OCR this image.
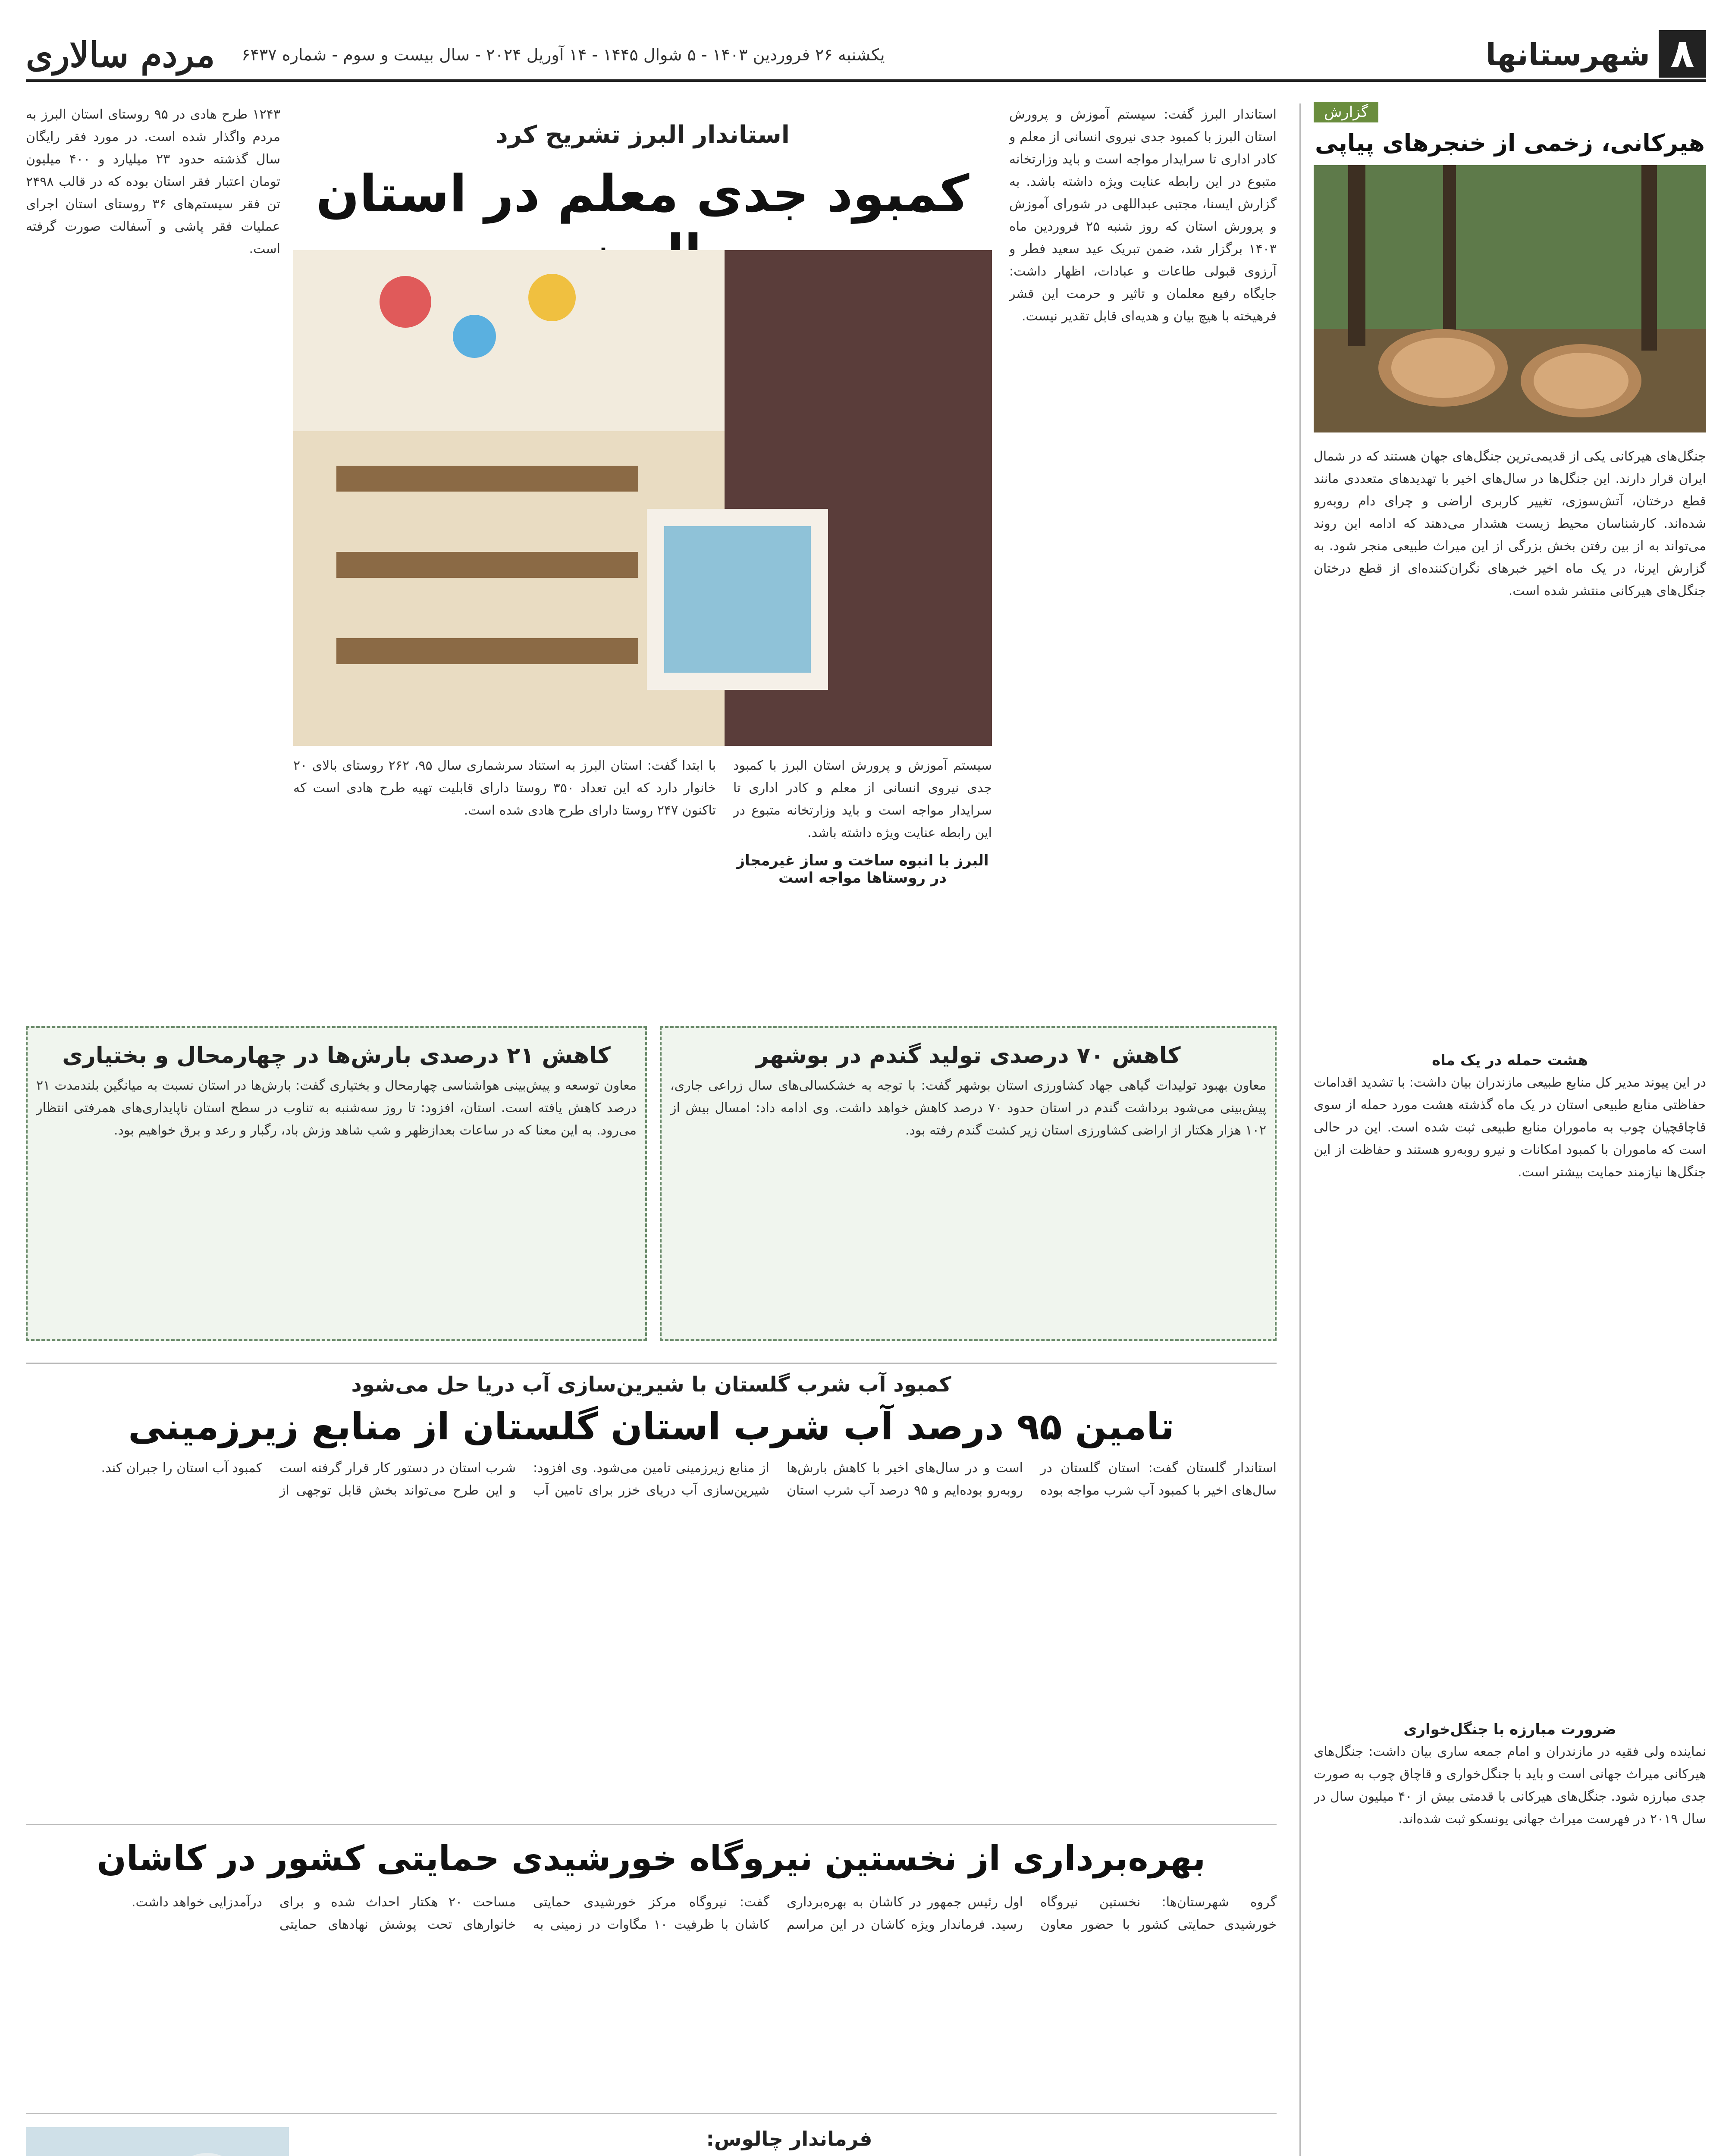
۸
شهرستانها
یکشنبه ۲۶ فروردین ۱۴۰۳ - ۵ شوال ۱۴۴۵ - ۱۴ آوریل ۲۰۲۴ - سال بیست و سوم - شماره ۶۴۳۷
مردم سالاری
گزارش
هیرکانی، زخمی از خنجرهای پیاپی
جنگل‌های هیرکانی یکی از قدیمی‌ترین جنگل‌های جهان هستند که در شمال ایران قرار دارند. این جنگل‌ها در سال‌های اخیر با تهدیدهای متعددی مانند قطع درختان، آتش‌سوزی، تغییر کاربری اراضی و چرای دام روبه‌رو شده‌اند. کارشناسان محیط زیست هشدار می‌دهند که ادامه این روند می‌تواند به از بین رفتن بخش بزرگی از این میراث طبیعی منجر شود. به گزارش ایرنا، در یک ماه اخیر خبرهای نگران‌کننده‌ای از قطع درختان جنگل‌های هیرکانی منتشر شده است.
هشت حمله در یک ماه
در این پیوند مدیر کل منابع طبیعی مازندران بیان داشت: با تشدید اقدامات حفاظتی منابع طبیعی استان در یک ماه گذشته هشت مورد حمله از سوی قاچاقچیان چوب به ماموران منابع طبیعی ثبت شده است. این در حالی است که ماموران با کمبود امکانات و نیرو روبه‌رو هستند و حفاظت از این جنگل‌ها نیازمند حمایت بیشتر است.
ضرورت مبارزه با جنگل‌خواری
نماینده ولی فقیه در مازندران و امام جمعه ساری بیان داشت: جنگل‌های هیرکانی میراث جهانی است و باید با جنگل‌خواری و قاچاق چوب به صورت جدی مبارزه شود. جنگل‌های هیرکانی با قدمتی بیش از ۴۰ میلیون سال در سال ۲۰۱۹ در فهرست میراث جهانی یونسکو ثبت شده‌اند.
استاندار البرز گفت: سیستم آموزش و پرورش استان البرز با کمبود جدی نیروی انسانی از معلم و کادر اداری تا سرایدار مواجه است و باید وزارتخانه متبوع در این رابطه عنایت ویژه داشته باشد. به گزارش ایسنا، مجتبی عبداللهی در شورای آموزش و پرورش استان که روز شنبه ۲۵ فروردین ماه ۱۴۰۳ برگزار شد، ضمن تبریک عید سعید فطر و آرزوی قبولی طاعات و عبادات، اظهار داشت: جایگاه رفیع معلمان و تاثیر و حرمت این قشر فرهیخته با هیچ بیان و هدیه‌ای قابل تقدیر نیست.
استاندار البرز تشریح کرد
کمبود جدی معلم در استان
سیستم آموزش و پرورش استان البرز با کمبود جدی نیروی انسانی از معلم و کادر اداری تا سرایدار مواجه است و باید وزارتخانه متبوع در این رابطه عنایت ویژه داشته باشد.
البرز با انبوه ساخت و ساز غیرمجاز در روستاها مواجه است
با ابتدا گفت: استان البرز به استناد سرشماری سال ۹۵، ۲۶۲ روستای بالای ۲۰ خانوار دارد که این تعداد ۳۵۰ روستا دارای قابلیت تهیه طرح هادی است که تاکنون ۲۴۷ روستا دارای طرح هادی شده است.
۱۲۴۳ طرح هادی در ۹۵ روستای استان البرز به مردم واگذار شده است. در مورد فقر رایگان سال گذشته حدود ۲۳ میلیارد و ۴۰۰ میلیون تومان اعتبار فقر استان بوده که در قالب ۲۴۹۸ تن فقر سیستم‌های ۳۶ روستای استان اجرای عملیات فقر پاشی و آسفالت صورت گرفته است.
کاهش ۷۰ درصدی تولید گندم در بوشهر
معاون بهبود تولیدات گیاهی جهاد کشاورزی استان بوشهر گفت: با توجه به خشکسالی‌های سال زراعی جاری، پیش‌بینی می‌شود برداشت گندم در استان حدود ۷۰ درصد کاهش خواهد داشت. وی ادامه داد: امسال بیش از ۱۰۲ هزار هکتار از اراضی کشاورزی استان زیر کشت گندم رفته بود.
کاهش ۲۱ درصدی بارش‌ها در چهارمحال و بختیاری
معاون توسعه و پیش‌بینی هواشناسی چهارمحال و بختیاری گفت: بارش‌ها در استان نسبت به میانگین بلندمدت ۲۱ درصد کاهش یافته است. استان، افزود: تا روز سه‌شنبه به تناوب در سطح استان ناپایداری‌های همرفتی انتظار می‌رود. به این معنا که در ساعات بعدازظهر و شب شاهد وزش باد، رگبار و رعد و برق خواهیم بود.
کمبود آب شرب گلستان با شیرین‌سازی آب دریا حل می‌شود
تامین ۹۵ درصد آب شرب استان گلستان از منابع زیرزمینی
استاندار گلستان گفت: استان گلستان در سال‌های اخیر با کمبود آب شرب مواجه بوده است و در سال‌های اخیر با کاهش بارش‌ها روبه‌رو بوده‌ایم و ۹۵ درصد آب شرب استان از منابع زیرزمینی تامین می‌شود. وی افزود: شیرین‌سازی آب دریای خزر برای تامین آب شرب استان در دستور کار قرار گرفته است و این طرح می‌تواند بخش قابل توجهی از کمبود آب استان را جبران کند.
بهره‌برداری از نخستین نیروگاه خورشیدی حمایتی کشور در کاشان
گروه شهرستان‌ها: نخستین نیروگاه خورشیدی حمایتی کشور با حضور معاون اول رئیس جمهور در کاشان به بهره‌برداری رسید. فرماندار ویژه کاشان در این مراسم گفت: نیروگاه مرکز خورشیدی حمایتی کاشان با ظرفیت ۱۰ مگاوات در زمینی به مساحت ۲۰ هکتار احداث شده و برای خانوارهای تحت پوشش نهادهای حمایتی درآمدزایی خواهد داشت.
فرماندار چالوس:
